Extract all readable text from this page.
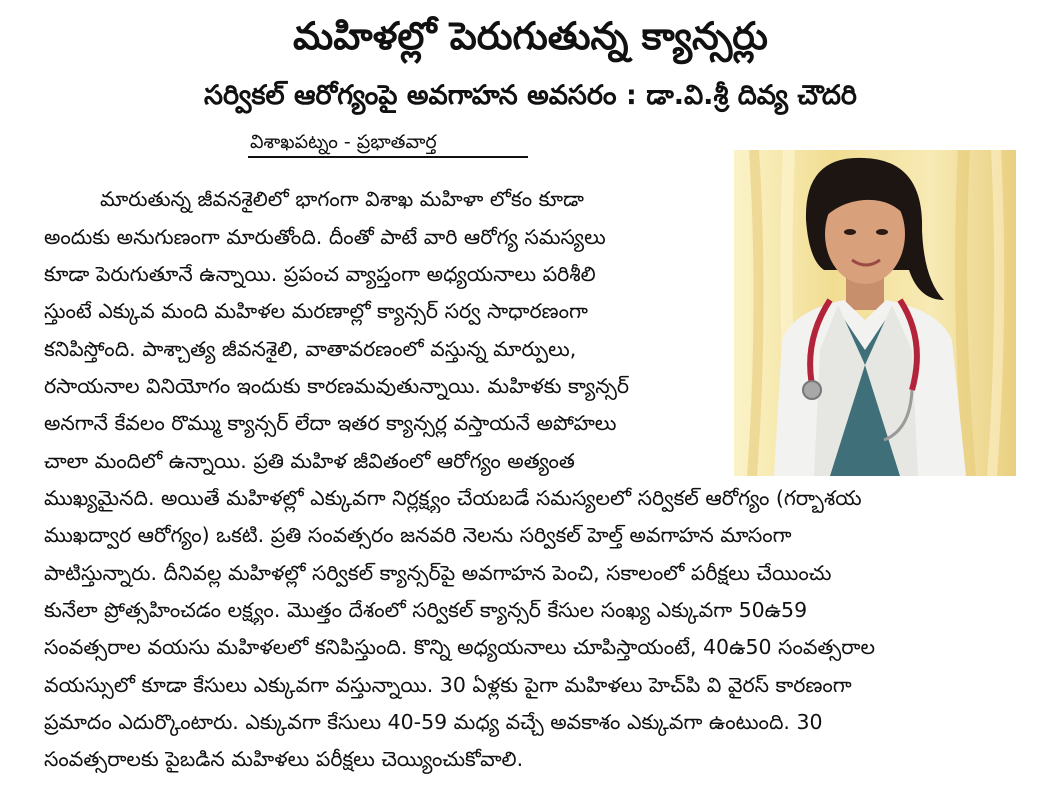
మహిళల్లో పెరుగుతున్న క్యాన్సర్లు
సర్వికల్ ఆరోగ్యంపై అవగాహన అవసరం : డా.వి.శ్రీ దివ్య చౌదరి
విశాఖపట్నం - ప్రభాతవార్త
మారుతున్న జీవనశైలిలో భాగంగా విశాఖ మహిళా లోకం కూడా
అందుకు అనుగుణంగా మారుతోంది. దీంతో పాటే వారి ఆరోగ్య సమస్యలు
కూడా పెరుగుతూనే ఉన్నాయి. ప్రపంచ వ్యాప్తంగా అధ్యయనాలు పరిశీలి
స్తుంటే ఎక్కువ మంది మహిళల మరణాల్లో క్యాన్సర్ సర్వ సాధారణంగా
కనిపిస్తోంది. పాశ్చాత్య జీవనశైలి, వాతావరణంలో వస్తున్న మార్పులు,
రసాయనాల వినియోగం ఇందుకు కారణమవుతున్నాయి. మహిళకు క్యాన్సర్
అనగానే కేవలం రొమ్ము క్యాన్సర్ లేదా ఇతర క్యాన్సర్ల వస్తాయనే అపోహలు
చాలా మందిలో ఉన్నాయి. ప్రతి మహిళ జీవితంలో ఆరోగ్యం అత్యంత
ముఖ్యమైనది. అయితే మహిళల్లో ఎక్కువగా నిర్లక్ష్యం చేయబడే సమస్యలలో సర్వికల్ ఆరోగ్యం (గర్భాశయ
ముఖద్వార ఆరోగ్యం) ఒకటి. ప్రతి సంవత్సరం జనవరి నెలను సర్వికల్ హెల్త్ అవగాహన మాసంగా
పాటిస్తున్నారు. దీనివల్ల మహిళల్లో సర్వికల్ క్యాన్సర్‌పై అవగాహన పెంచి, సకాలంలో పరీక్షలు చేయించు
కునేలా ప్రోత్సహించడం లక్ష్యం. మొత్తం దేశంలో సర్వికల్ క్యాన్సర్ కేసుల సంఖ్య ఎక్కువగా 50ఉ59
సంవత్సరాల వయసు మహిళలలో కనిపిస్తుంది. కొన్ని అధ్యయనాలు చూపిస్తాయంటే, 40ఉ50 సంవత్సరాల
వయస్సులో కూడా కేసులు ఎక్కువగా వస్తున్నాయి. 30 ఏళ్లకు పైగా మహిళలు హెచ్‌పి వి వైరస్ కారణంగా
ప్రమాదం ఎదుర్కొంటారు. ఎక్కువగా కేసులు 40-59 మధ్య వచ్చే అవకాశం ఎక్కువగా ఉంటుంది. 30
సంవత్సరాలకు పైబడిన మహిళలు పరీక్షలు చెయ్యించుకోవాలి.
